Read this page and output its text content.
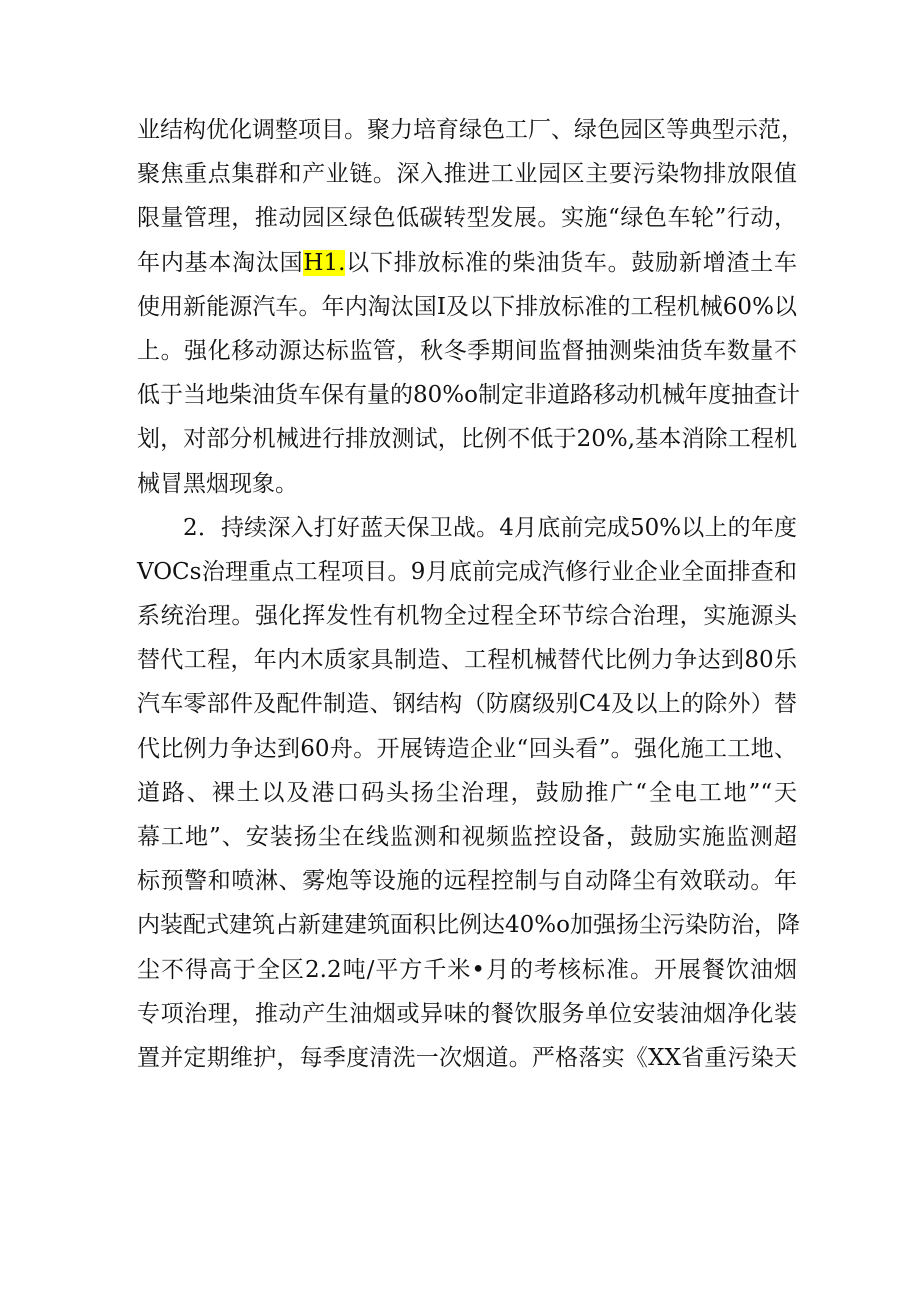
业结构优化调整项目。聚力培育绿色工厂、绿色园区等典型示范，
聚焦重点集群和产业链。深入推进工业园区主要污染物排放限值
限量管理，推动园区绿色低碳转型发展。实施“绿色车轮”行动，
年内基本淘汰国H1.以下排放标准的柴油货车。鼓励新增渣土车
使用新能源汽车。年内淘汰国I及以下排放标准的工程机械60%以
上。强化移动源达标监管，秋冬季期间监督抽测柴油货车数量不
低于当地柴油货车保有量的80%o制定非道路移动机械年度抽查计
划，对部分机械进行排放测试，比例不低于20%,基本消除工程机
械冒黑烟现象。
2．持续深入打好蓝天保卫战。4月底前完成50%以上的年度
VOCs治理重点工程项目。9月底前完成汽修行业企业全面排查和
系统治理。强化挥发性有机物全过程全环节综合治理，实施源头
替代工程，年内木质家具制造、工程机械替代比例力争达到80乐
汽车零部件及配件制造、钢结构（防腐级别C4及以上的除外）替
代比例力争达到60舟。开展铸造企业“回头看”。强化施工工地、
道路、裸土以及港口码头扬尘治理，鼓励推广“全电工地”“天
幕工地”、安装扬尘在线监测和视频监控设备，鼓励实施监测超
标预警和喷淋、雾炮等设施的远程控制与自动降尘有效联动。年
内装配式建筑占新建建筑面积比例达40%o加强扬尘污染防治，降
尘不得高于全区2.2吨/平方千米•月的考核标准。开展餐饮油烟
专项治理，推动产生油烟或异味的餐饮服务单位安装油烟净化装
置并定期维护，每季度清洗一次烟道。严格落实《XX省重污染天
